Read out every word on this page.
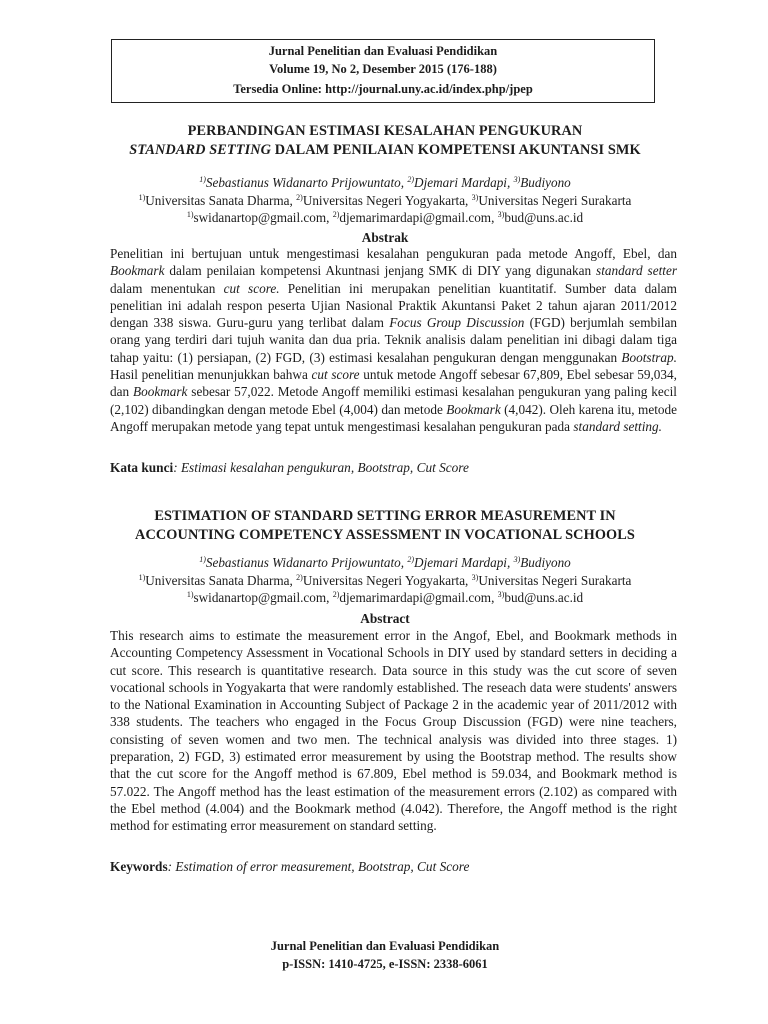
Jurnal Penelitian dan Evaluasi Pendidikan
Volume 19, No 2, Desember 2015 (176-188)
Tersedia Online: http://journal.uny.ac.id/index.php/jpep
PERBANDINGAN ESTIMASI KESALAHAN PENGUKURAN
STANDARD SETTING DALAM PENILAIAN KOMPETENSI AKUNTANSI SMK
$^{1)}$Sebastianus Widanarto Prijowuntato, $^{2)}$Djemari Mardapi, $^{3)}$Budiyono
$^{1)}$Universitas Sanata Dharma, $^{2)}$Universitas Negeri Yogyakarta, $^{3)}$Universitas Negeri Surakarta
$^{1)}$swidanartop@gmail.com, $^{2)}$djemarimardapi@gmail.com, $^{3)}$bud@uns.ac.id
Abstrak
Penelitian ini bertujuan untuk mengestimasi kesalahan pengukuran pada metode Angoff, Ebel, dan Bookmark dalam penilaian kompetensi Akuntnasi jenjang SMK di DIY yang digunakan standard setter dalam menentukan cut score. Penelitian ini merupakan penelitian kuantitatif. Sumber data dalam penelitian ini adalah respon peserta Ujian Nasional Praktik Akuntansi Paket 2 tahun ajaran 2011/2012 dengan 338 siswa. Guru-guru yang terlibat dalam Focus Group Discussion (FGD) berjumlah sembilan orang yang terdiri dari tujuh wanita dan dua pria. Teknik analisis dalam penelitian ini dibagi dalam tiga tahap yaitu: (1) persiapan, (2) FGD, (3) estimasi kesalahan pengukuran dengan menggunakan Bootstrap. Hasil penelitian menunjukkan bahwa cut score untuk metode Angoff sebesar 67,809, Ebel sebesar 59,034, dan Bookmark sebesar 57,022. Metode Angoff memiliki estimasi kesalahan pengukuran yang paling kecil (2,102) dibandingkan dengan metode Ebel (4,004) dan metode Bookmark (4,042). Oleh karena itu, metode Angoff merupakan metode yang tepat untuk mengestimasi kesalahan pengukuran pada standard setting.
Kata kunci: Estimasi kesalahan pengukuran, Bootstrap, Cut Score
ESTIMATION OF STANDARD SETTING ERROR MEASUREMENT IN
ACCOUNTING COMPETENCY ASSESSMENT IN VOCATIONAL SCHOOLS
$^{1)}$Sebastianus Widanarto Prijowuntato, $^{2)}$Djemari Mardapi, $^{3)}$Budiyono
$^{1)}$Universitas Sanata Dharma, $^{2)}$Universitas Negeri Yogyakarta, $^{3)}$Universitas Negeri Surakarta
$^{1)}$swidanartop@gmail.com, $^{2)}$djemarimardapi@gmail.com, $^{3)}$bud@uns.ac.id
Abstract
This research aims to estimate the measurement error in the Angof, Ebel, and Bookmark methods in Accounting Competency Assessment in Vocational Schools in DIY used by standard setters in deciding a cut score. This research is quantitative research. Data source in this study was the cut score of seven vocational schools in Yogyakarta that were randomly established. The reseach data were students' answers to the National Examination in Accounting Subject of Package 2 in the academic year of 2011/2012 with 338 students. The teachers who engaged in the Focus Group Discussion (FGD) were nine teachers, consisting of seven women and two men. The technical analysis was divided into three stages. 1) preparation, 2) FGD, 3) estimated error measurement by using the Bootstrap method. The results show that the cut score for the Angoff method is 67.809, Ebel method is 59.034, and Bookmark method is 57.022. The Angoff method has the least estimation of the measurement errors (2.102) as compared with the Ebel method (4.004) and the Bookmark method (4.042). Therefore, the Angoff method is the right method for estimating error measurement on standard setting.
Keywords: Estimation of error measurement, Bootstrap, Cut Score
Jurnal Penelitian dan Evaluasi Pendidikan
p-ISSN: 1410-4725, e-ISSN: 2338-6061
